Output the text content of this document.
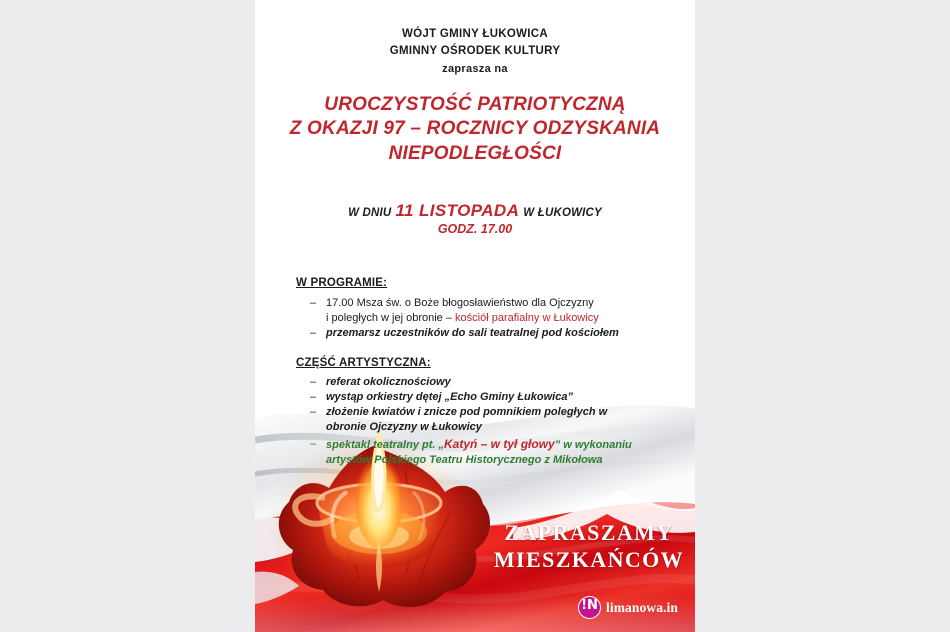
ZAPRASZAMY
MIESZKAŃCÓW
!N limanowa.in
WÓJT GMINY ŁUKOWICA
GMINNY OŚRODEK KULTURY
zaprasza na
UROCZYSTOŚĆ PATRIOTYCZNĄ
Z OKAZJI 97 – ROCZNICY ODZYSKANIA
NIEPODLEGŁOŚCI
W DNIU 11 LISTOPADA W ŁUKOWICY
GODZ. 17.00
W PROGRAMIE:
– 17.00 Msza św. o Boże błogosławieństwo dla Ojczyzny
i poległych w jej obronie – kościół parafialny w Łukowicy
– przemarsz uczestników do sali teatralnej pod kościołem
CZĘŚĆ ARTYSTYCZNA:
– referat okolicznościowy
– wystąp orkiestry dętej „Echo Gminy Łukowica”
– złożenie kwiatów i znicze pod pomnikiem poległych w
obronie Ojczyzny w Łukowicy
– spektakl teatralny pt. „Katyń – w tył głowy” w wykonaniu
artystów Polskiego Teatru Historycznego z Mikołowa
